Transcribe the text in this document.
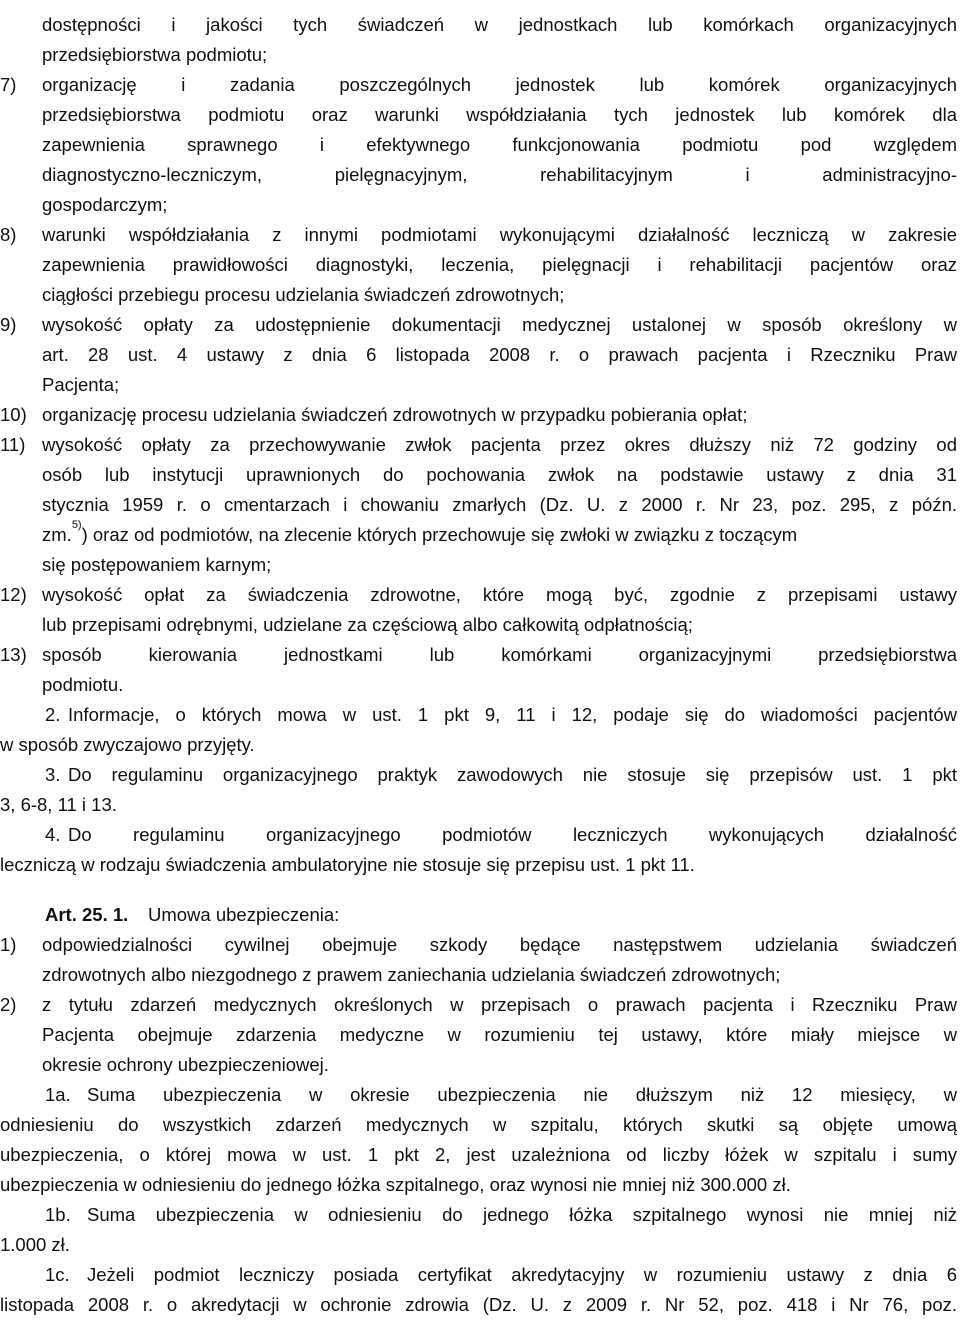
dostępności i jakości tych świadczeń w jednostkach lub komórkach organizacyjnych
przedsiębiorstwa podmiotu;
7) organizację i zadania poszczególnych jednostek lub komórek organizacyjnych
przedsiębiorstwa podmiotu oraz warunki współdziałania tych jednostek lub komórek dla
zapewnienia sprawnego i efektywnego funkcjonowania podmiotu pod względem
diagnostyczno-leczniczym, pielęgnacyjnym, rehabilitacyjnym i administracyjno-
gospodarczym;
8) warunki współdziałania z innymi podmiotami wykonującymi działalność leczniczą w zakresie
zapewnienia prawidłowości diagnostyki, leczenia, pielęgnacji i rehabilitacji pacjentów oraz
ciągłości przebiegu procesu udzielania świadczeń zdrowotnych;
9) wysokość opłaty za udostępnienie dokumentacji medycznej ustalonej w sposób określony w
art. 28 ust. 4 ustawy z dnia 6 listopada 2008 r. o prawach pacjenta i Rzeczniku Praw
Pacjenta;
10) organizację procesu udzielania świadczeń zdrowotnych w przypadku pobierania opłat;
11) wysokość opłaty za przechowywanie zwłok pacjenta przez okres dłuższy niż 72 godziny od
osób lub instytucji uprawnionych do pochowania zwłok na podstawie ustawy z dnia 31
stycznia 1959 r. o cmentarzach i chowaniu zmarłych (Dz. U. z 2000 r. Nr 23, poz. 295, z późn.
zm.$^{5)}$) oraz od podmiotów, na zlecenie których przechowuje się zwłoki w związku z toczącym
się postępowaniem karnym;
12) wysokość opłat za świadczenia zdrowotne, które mogą być, zgodnie z przepisami ustawy
lub przepisami odrębnymi, udzielane za częściową albo całkowitą odpłatnością;
13) sposób kierowania jednostkami lub komórkami organizacyjnymi przedsiębiorstwa
podmiotu.
2. Informacje, o których mowa w ust. 1 pkt 9, 11 i 12, podaje się do wiadomości pacjentów
w sposób zwyczajowo przyjęty.
3. Do regulaminu organizacyjnego praktyk zawodowych nie stosuje się przepisów ust. 1 pkt
3, 6-8, 11 i 13.
4. Do regulaminu organizacyjnego podmiotów leczniczych wykonujących działalność
leczniczą w rodzaju świadczenia ambulatoryjne nie stosuje się przepisu ust. 1 pkt 11.
Art. 25. 1. Umowa ubezpieczenia:
1) odpowiedzialności cywilnej obejmuje szkody będące następstwem udzielania świadczeń
zdrowotnych albo niezgodnego z prawem zaniechania udzielania świadczeń zdrowotnych;
2) z tytułu zdarzeń medycznych określonych w przepisach o prawach pacjenta i Rzeczniku Praw
Pacjenta obejmuje zdarzenia medyczne w rozumieniu tej ustawy, które miały miejsce w
okresie ochrony ubezpieczeniowej.
1a. Suma ubezpieczenia w okresie ubezpieczenia nie dłuższym niż 12 miesięcy, w
odniesieniu do wszystkich zdarzeń medycznych w szpitalu, których skutki są objęte umową
ubezpieczenia, o której mowa w ust. 1 pkt 2, jest uzależniona od liczby łóżek w szpitalu i sumy
ubezpieczenia w odniesieniu do jednego łóżka szpitalnego, oraz wynosi nie mniej niż 300.000 zł.
1b. Suma ubezpieczenia w odniesieniu do jednego łóżka szpitalnego wynosi nie mniej niż
1.000 zł.
1c. Jeżeli podmiot leczniczy posiada certyfikat akredytacyjny w rozumieniu ustawy z dnia 6
listopada 2008 r. o akredytacji w ochronie zdrowia (Dz. U. z 2009 r. Nr 52, poz. 418 i Nr 76, poz.
